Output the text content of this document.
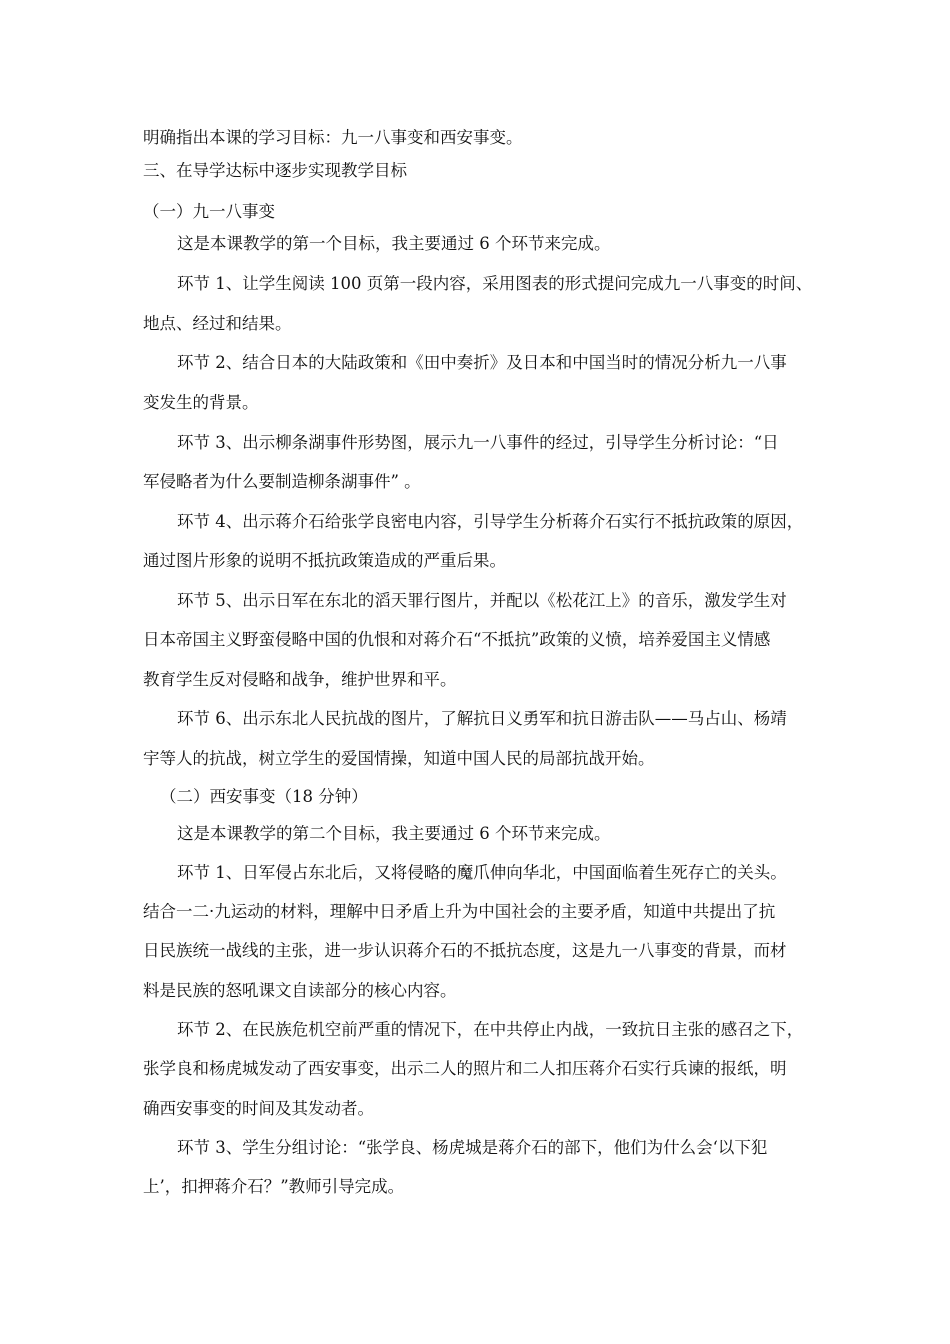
明确指出本课的学习目标：九一八事变和西安事变。
三、在导学达标中逐步实现教学目标
（一）九一八事变
这是本课教学的第一个目标，我主要通过 6 个环节来完成。
环节 1、让学生阅读 100 页第一段内容，采用图表的形式提问完成九一八事变的时间、
地点、经过和结果。
环节 2、结合日本的大陆政策和《田中奏折》及日本和中国当时的情况分析九一八事
变发生的背景。
环节 3、出示柳条湖事件形势图，展示九一八事件的经过，引导学生分析讨论：“日
军侵略者为什么要制造柳条湖事件” 。
环节 4、出示蒋介石给张学良密电内容，引导学生分析蒋介石实行不抵抗政策的原因，
通过图片形象的说明不抵抗政策造成的严重后果。
环节 5、出示日军在东北的滔天罪行图片，并配以《松花江上》的音乐，激发学生对
日本帝国主义野蛮侵略中国的仇恨和对蒋介石“不抵抗”政策的义愤，培养爱国主义情感
教育学生反对侵略和战争，维护世界和平。
环节 6、出示东北人民抗战的图片，了解抗日义勇军和抗日游击队——马占山、杨靖
宇等人的抗战，树立学生的爱国情操，知道中国人民的局部抗战开始。
（二）西安事变（18 分钟）
这是本课教学的第二个目标，我主要通过 6 个环节来完成。
环节 1、日军侵占东北后，又将侵略的魔爪伸向华北，中国面临着生死存亡的关头。
结合一二·九运动的材料，理解中日矛盾上升为中国社会的主要矛盾，知道中共提出了抗
日民族统一战线的主张，进一步认识蒋介石的不抵抗态度，这是九一八事变的背景，而材
料是民族的怒吼课文自读部分的核心内容。
环节 2、在民族危机空前严重的情况下，在中共停止内战，一致抗日主张的感召之下，
张学良和杨虎城发动了西安事变，出示二人的照片和二人扣压蒋介石实行兵谏的报纸，明
确西安事变的时间及其发动者。
环节 3、学生分组讨论：“张学良、杨虎城是蒋介石的部下，他们为什么会‘以下犯
上’，扣押蒋介石？”教师引导完成。
